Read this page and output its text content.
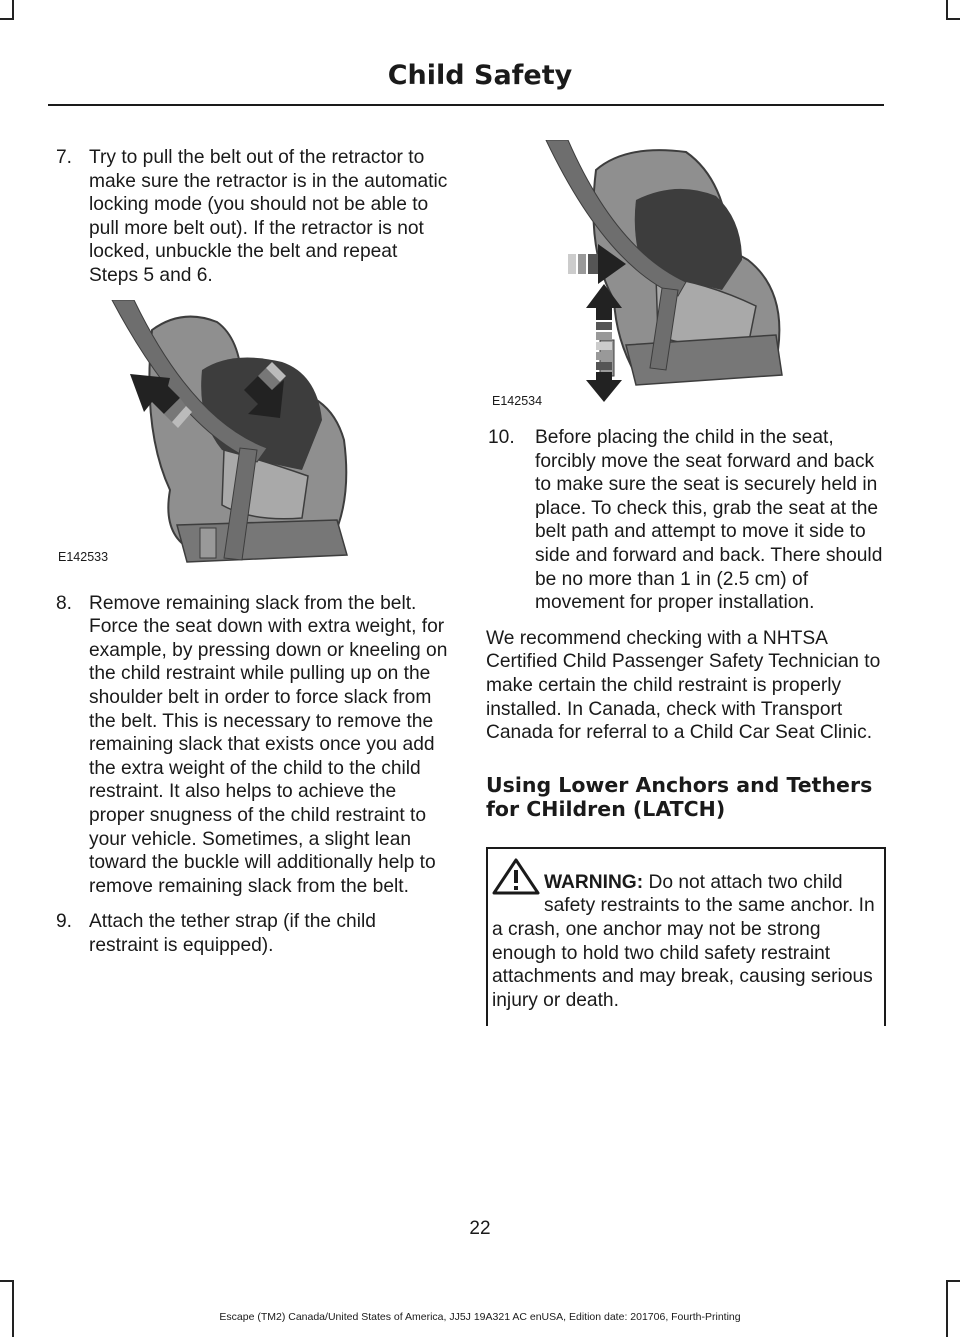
Child Safety
7. Try to pull the belt out of the retractor to make sure the retractor is in the automatic locking mode (you should not be able to pull more belt out). If the retractor is not locked, unbuckle the belt and repeat Steps 5 and 6.
E142533
8. Remove remaining slack from the belt. Force the seat down with extra weight, for example, by pressing down or kneeling on the child restraint while pulling up on the shoulder belt in order to force slack from the belt. This is necessary to remove the remaining slack that exists once you add the extra weight of the child to the child restraint. It also helps to achieve the proper snugness of the child restraint to your vehicle. Sometimes, a slight lean toward the buckle will additionally help to remove remaining slack from the belt.
9. Attach the tether strap (if the child restraint is equipped).
E142534
10. Before placing the child in the seat, forcibly move the seat forward and back to make sure the seat is securely held in place. To check this, grab the seat at the belt path and attempt to move it side to side and forward and back. There should be no more than 1 in (2.5 cm) of movement for proper installation.

We recommend checking with a NHTSA Certified Child Passenger Safety Technician to make certain the child restraint is properly installed. In Canada, check with Transport Canada for referral to a Child Car Seat Clinic.

Using Lower Anchors and Tethers for CHildren (LATCH)

WARNING: Do not attach two child safety restraints to the same anchor. In a crash, one anchor may not be strong enough to hold two child safety restraint attachments and may break, causing serious injury or death.

22
Escape (TM2) Canada/United States of America, JJ5J 19A321 AC enUSA, Edition date: 201706, Fourth-Printing
